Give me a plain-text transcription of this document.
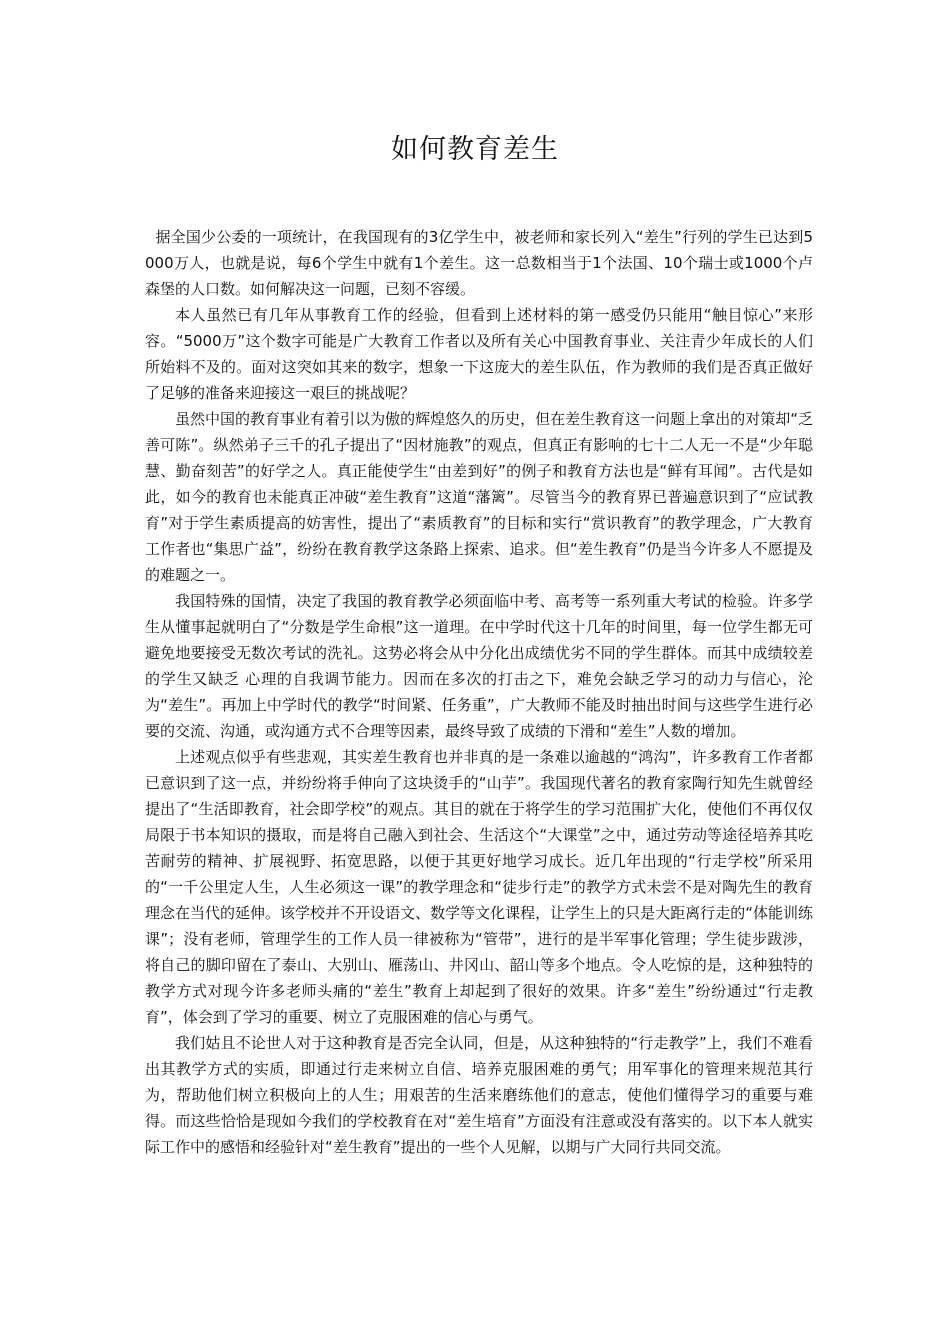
如何教育差生

据全国少公委的一项统计，在我国现有的3亿学生中，被老师和家长列入“差生”行列的学生已达到5000万人，也就是说，每6个学生中就有1个差生。这一总数相当于1个法国、10个瑞士或1000个卢森堡的人口数。如何解决这一问题，已刻不容缓。

本人虽然已有几年从事教育工作的经验，但看到上述材料的第一感受仍只能用“触目惊心”来形容。“5000万”这个数字可能是广大教育工作者以及所有关心中国教育事业、关注青少年成长的人们所始料不及的。面对这突如其来的数字，想象一下这庞大的差生队伍，作为教师的我们是否真正做好了足够的准备来迎接这一艰巨的挑战呢？

虽然中国的教育事业有着引以为傲的辉煌悠久的历史，但在差生教育这一问题上拿出的对策却“乏善可陈”。纵然弟子三千的孔子提出了“因材施教”的观点，但真正有影响的七十二人无一不是“少年聪慧、勤奋刻苦”的好学之人。真正能使学生“由差到好”的例子和教育方法也是“鲜有耳闻”。古代是如此，如今的教育也未能真正冲破“差生教育”这道“藩篱”。尽管当今的教育界已普遍意识到了“应试教育”对于学生素质提高的妨害性，提出了“素质教育”的目标和实行“赏识教育”的教学理念，广大教育工作者也“集思广益”，纷纷在教育教学这条路上探索、追求。但“差生教育”仍是当今许多人不愿提及的难题之一。

我国特殊的国情，决定了我国的教育教学必须面临中考、高考等一系列重大考试的检验。许多学生从懂事起就明白了“分数是学生命根”这一道理。在中学时代这十几年的时间里，每一位学生都无可避免地要接受无数次考试的洗礼。这势必将会从中分化出成绩优劣不同的学生群体。而其中成绩较差的学生又缺乏 心理的自我调节能力。因而在多次的打击之下，难免会缺乏学习的动力与信心，沦为“差生”。再加上中学时代的教学“时间紧、任务重”，广大教师不能及时抽出时间与这些学生进行必要的交流、沟通，或沟通方式不合理等因素，最终导致了成绩的下滑和“差生”人数的增加。

上述观点似乎有些悲观，其实差生教育也并非真的是一条难以逾越的“鸿沟”，许多教育工作者都已意识到了这一点，并纷纷将手伸向了这块烫手的“山芋”。我国现代著名的教育家陶行知先生就曾经提出了“生活即教育，社会即学校”的观点。其目的就在于将学生的学习范围扩大化，使他们不再仅仅局限于书本知识的摄取，而是将自己融入到社会、生活这个“大课堂”之中，通过劳动等途径培养其吃苦耐劳的精神、扩展视野、拓宽思路，以便于其更好地学习成长。近几年出现的“行走学校”所采用的“一千公里定人生，人生必须这一课”的教学理念和“徒步行走”的教学方式未尝不是对陶先生的教育理念在当代的延伸。该学校并不开设语文、数学等文化课程，让学生上的只是大距离行走的“体能训练课”；没有老师，管理学生的工作人员一律被称为“管带”，进行的是半军事化管理；学生徒步跋涉，将自己的脚印留在了泰山、大别山、雁荡山、井冈山、韶山等多个地点。令人吃惊的是，这种独特的教学方式对现今许多老师头痛的“差生”教育上却起到了很好的效果。许多“差生”纷纷通过“行走教育”，体会到了学习的重要、树立了克服困难的信心与勇气。

我们姑且不论世人对于这种教育是否完全认同，但是，从这种独特的“行走教学”上，我们不难看出其教学方式的实质，即通过行走来树立自信、培养克服困难的勇气；用军事化的管理来规范其行为，帮助他们树立积极向上的人生；用艰苦的生活来磨练他们的意志，使他们懂得学习的重要与难得。而这些恰恰是现如今我们的学校教育在对“差生培育”方面没有注意或没有落实的。以下本人就实际工作中的感悟和经验针对“差生教育”提出的一些个人见解，以期与广大同行共同交流。
